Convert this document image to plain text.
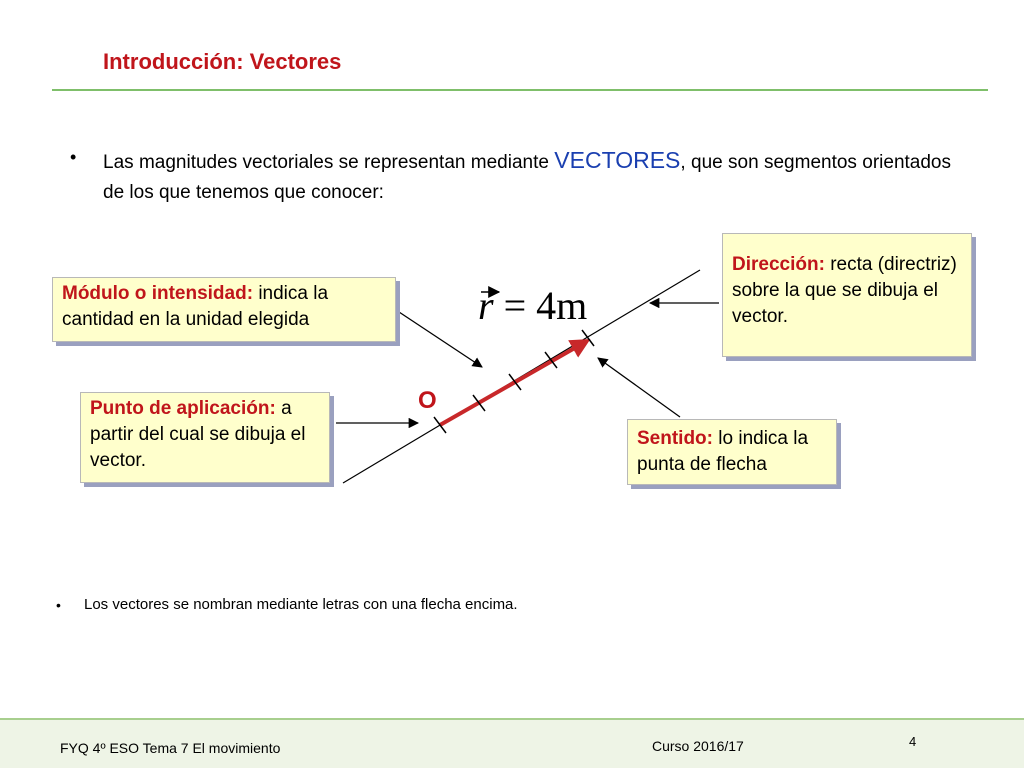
Introducción: Vectores
• Las magnitudes vectoriales se representan mediante VECTORES, que son segmentos orientados de los que tenemos que conocer:
r = 4m
O
Módulo o intensidad: indica la cantidad en la unidad elegida
Punto de aplicación: a partir del cual se dibuja el vector.
Dirección: recta (directriz) sobre la que se dibuja el vector.
Sentido: lo indica la punta de flecha
• Los vectores se nombran mediante letras con una flecha encima.
FYQ 4º ESO Tema 7 El movimiento	Curso 2016/17	4
